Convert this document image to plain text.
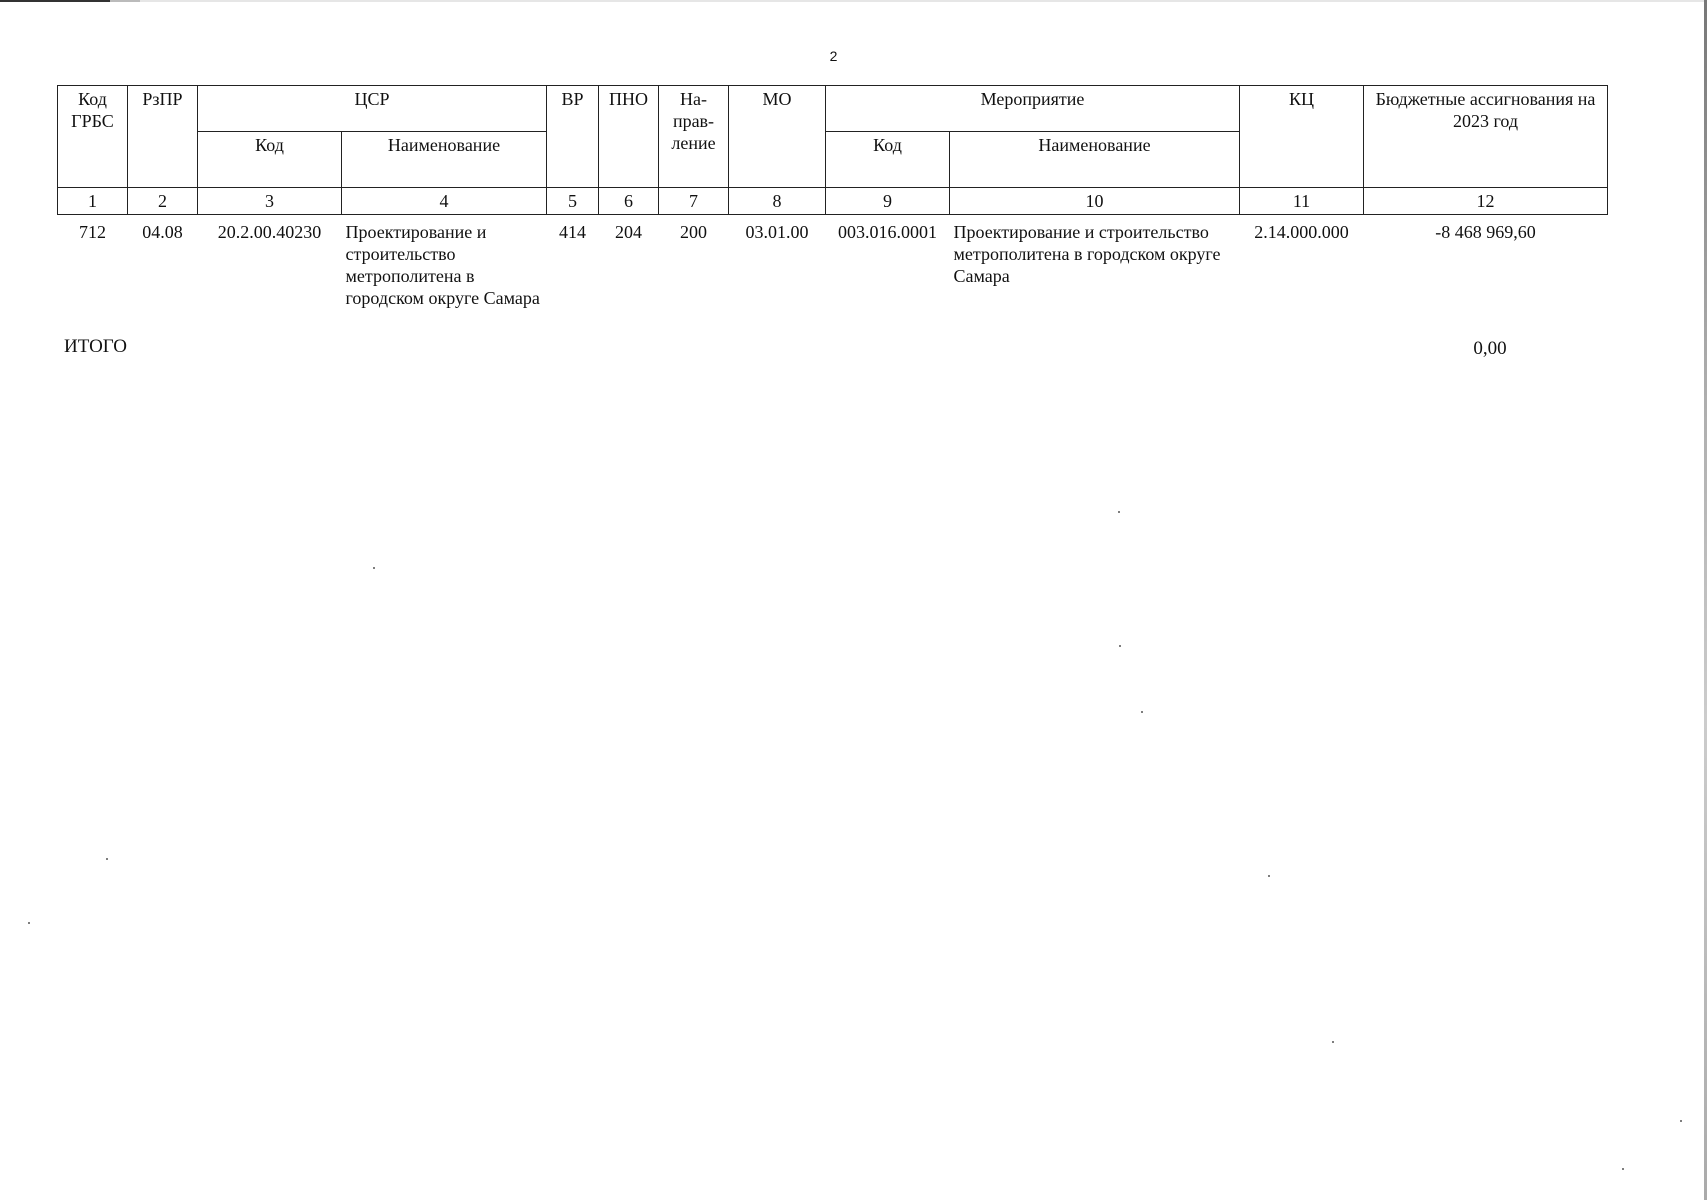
2
Код ГРБС	РзПР	ЦСР		ВР	ПНО	На-прав-ление	МО	Мероприятие		КЦ	Бюджетные ассигнования на 2023 год
		Код	Наименование					Код	Наименование		
1	2	3	4	5	6	7	8	9	10	11	12
712	04.08	20.2.00.40230	Проектирование и строительство метрополитена в городском округе Самара	414	204	200	03.01.00	003.016.0001	Проектирование и строительство метрополитена в городском округе Самара	2.14.000.000	-8 468 969,60
ИТОГО	0,00
